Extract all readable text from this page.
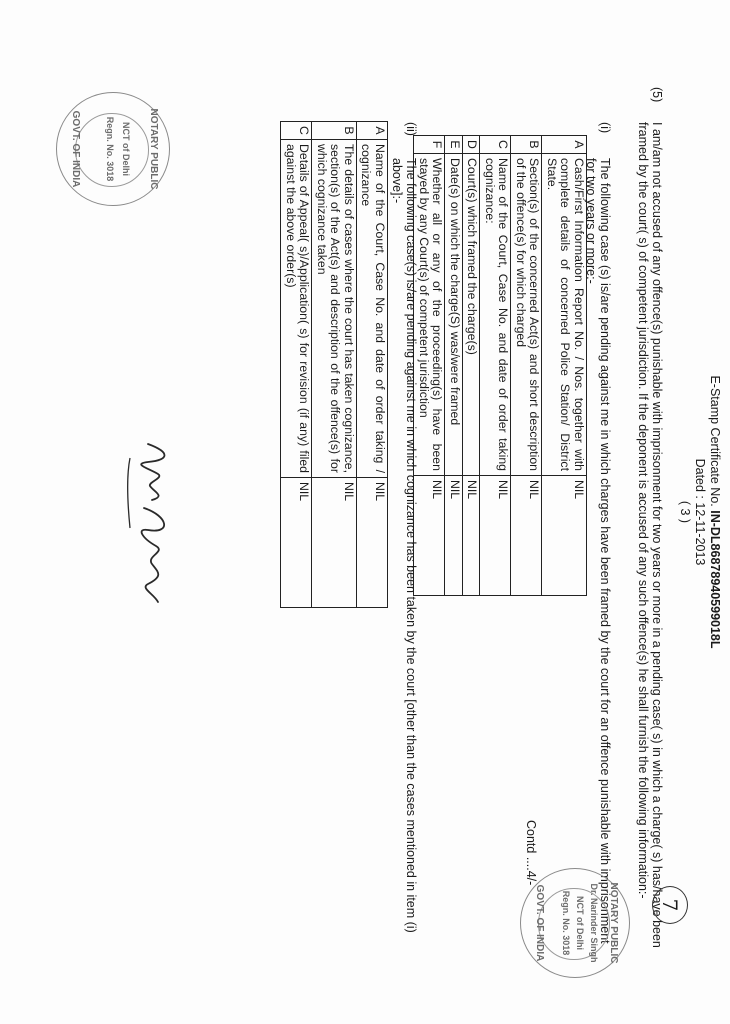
E-Stamp Certificate No. IN-DL86878940599018L
Dated : 12-11-2013
( 3 )
(5)
I am/am not accused of any offence(s) punishable with imprisonment for two years or more in a pending case( s) in which a charge( s) has/have been framed by the court( s) of competent jurisdiction. If the deponent is accused of any such offence(s) he shall furnish the following information:-
(i)
The following case (s) is/are pending against me in which charges have been framed by the court for an offence punishable with imprisonment for two years or more:-
A	Cash/First Information Report No. / Nos. together with complete details of concerned Police Station/ District State.	NIL
B	Section(s) of the concerned Act(s) and short description of the offence(s) for which charged	NIL
C	Name of the Court, Case No. and date of order taking cognizance:	NIL
D	Court(s) which framed the charge(s)	NIL
E	Date(s) on which the charge(S) was/were framed	NIL
F	Whether all or any of the proceeding(s) have been stayed by any Court(s) of competent jurisdiction	NIL
(ii)
The following case(s) is/are pending against me in which cognizance has been taken by the court [other than the cases mentioned in item (i) above]:-
A	Name of the Court, Case No. and date of order taking / cognizance	NIL
B	The details of cases where the court has taken cognizance, section(s) of the Act(s) and description of the offence(s) for which cognizance taken	NIL
C	Details of Appeal( s)/Application( s) for revision (if any) filed against the above order(s)	NIL
Contd ....4/-
NOTARY PUBLIC
Dr. Narinder Singh
NCT of Delhi
Regn. No. 3018
GOVT. OF INDIA
NOTARY PUBLIC
NCT of Delhi
Regn. No. 3018
GOVT. OF INDIA
7
